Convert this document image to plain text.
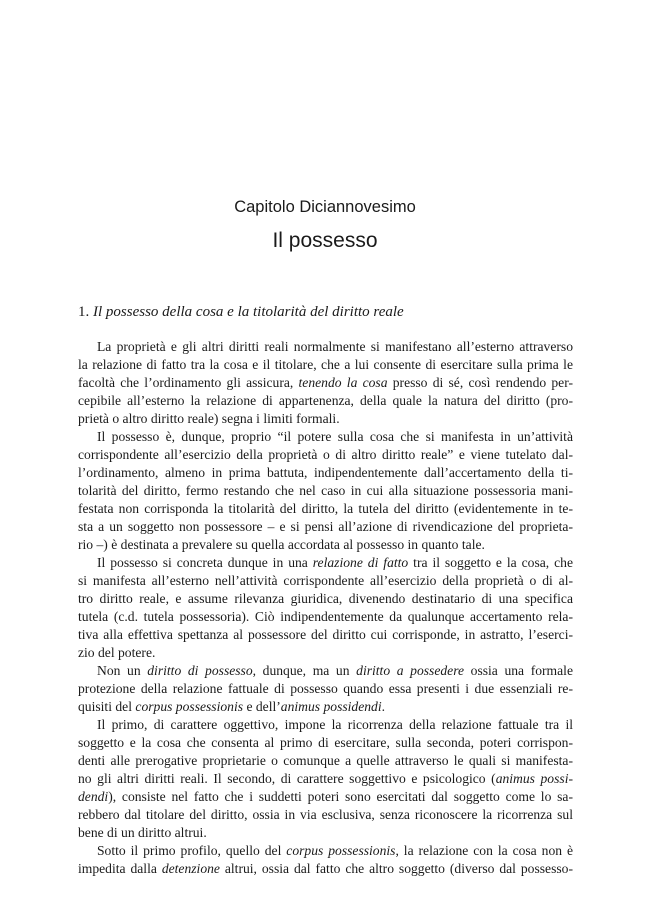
Capitolo Diciannovesimo
Il possesso
1. Il possesso della cosa e la titolarità del diritto reale
La proprietà e gli altri diritti reali normalmente si manifestano all’esterno attraverso
la relazione di fatto tra la cosa e il titolare, che a lui consente di esercitare sulla prima le
facoltà che l’ordinamento gli assicura, tenendo la cosa presso di sé, così rendendo per-
cepibile all’esterno la relazione di appartenenza, della quale la natura del diritto (pro-
prietà o altro diritto reale) segna i limiti formali.
Il possesso è, dunque, proprio “il potere sulla cosa che si manifesta in un’attività
corrispondente all’esercizio della proprietà o di altro diritto reale” e viene tutelato dal-
l’ordinamento, almeno in prima battuta, indipendentemente dall’accertamento della ti-
tolarità del diritto, fermo restando che nel caso in cui alla situazione possessoria mani-
festata non corrisponda la titolarità del diritto, la tutela del diritto (evidentemente in te-
sta a un soggetto non possessore – e si pensi all’azione di rivendicazione del proprieta-
rio –) è destinata a prevalere su quella accordata al possesso in quanto tale.
Il possesso si concreta dunque in una relazione di fatto tra il soggetto e la cosa, che
si manifesta all’esterno nell’attività corrispondente all’esercizio della proprietà o di al-
tro diritto reale, e assume rilevanza giuridica, divenendo destinatario di una specifica
tutela (c.d. tutela possessoria). Ciò indipendentemente da qualunque accertamento rela-
tiva alla effettiva spettanza al possessore del diritto cui corrisponde, in astratto, l’eserci-
zio del potere.
Non un diritto di possesso, dunque, ma un diritto a possedere ossia una formale
protezione della relazione fattuale di possesso quando essa presenti i due essenziali re-
quisiti del corpus possessionis e dell’animus possidendi.
Il primo, di carattere oggettivo, impone la ricorrenza della relazione fattuale tra il
soggetto e la cosa che consenta al primo di esercitare, sulla seconda, poteri corrispon-
denti alle prerogative proprietarie o comunque a quelle attraverso le quali si manifesta-
no gli altri diritti reali. Il secondo, di carattere soggettivo e psicologico (animus possi-
dendi), consiste nel fatto che i suddetti poteri sono esercitati dal soggetto come lo sa-
rebbero dal titolare del diritto, ossia in via esclusiva, senza riconoscere la ricorrenza sul
bene di un diritto altrui.
Sotto il primo profilo, quello del corpus possessionis, la relazione con la cosa non è
impedita dalla detenzione altrui, ossia dal fatto che altro soggetto (diverso dal possesso-
